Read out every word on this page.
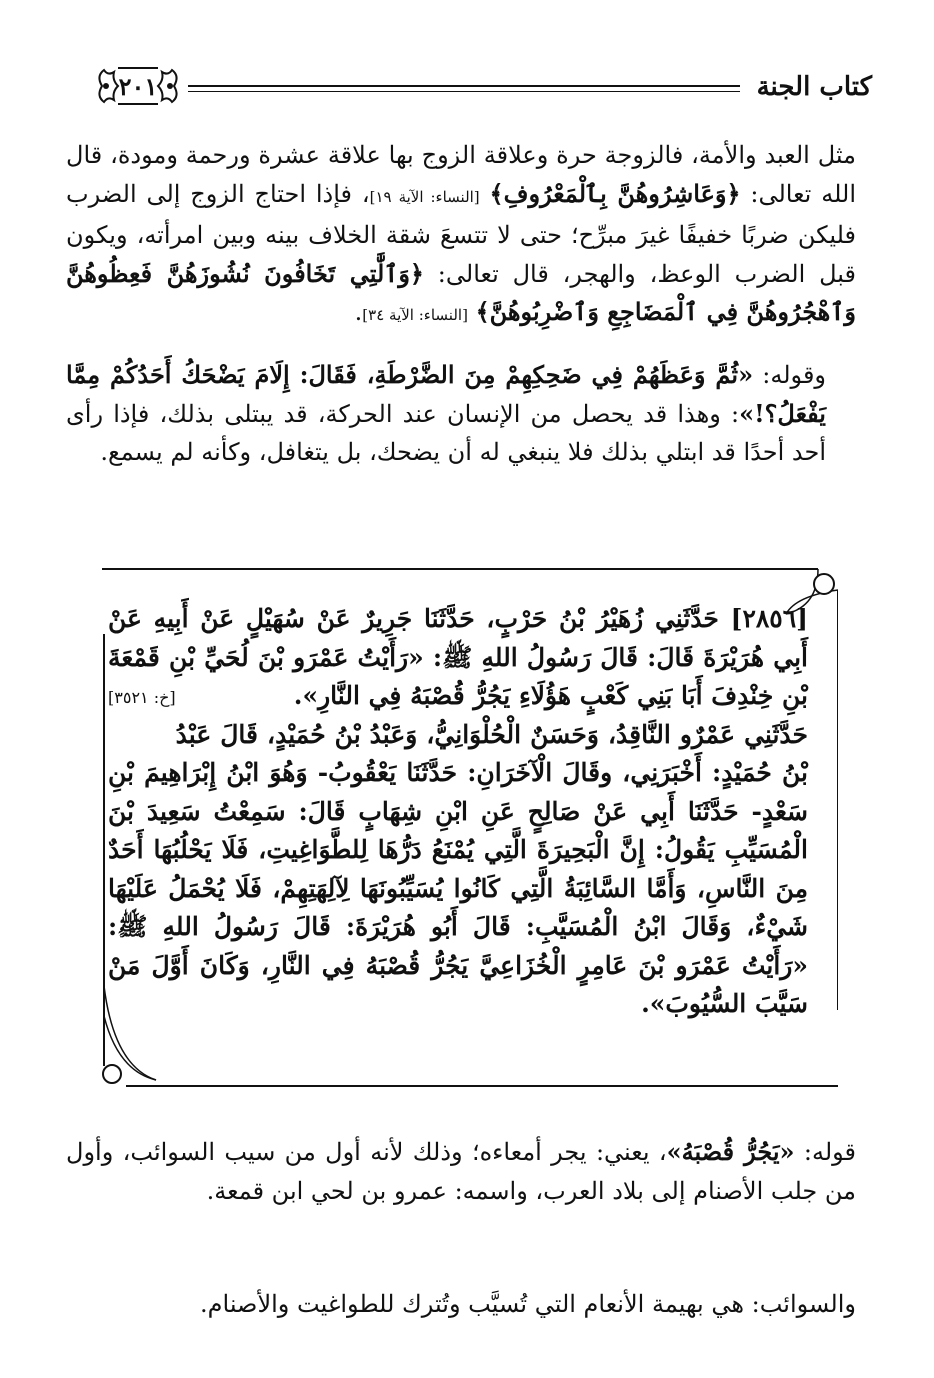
كتاب الجنة
٢٠١

مثل العبد والأمة، فالزوجة حرة وعلاقة الزوج بها علاقة عشرة ورحمة ومودة، قال الله تعالى: ﴿وَعَاشِرُوهُنَّ بِٱلْمَعْرُوفِ﴾ [النساء: الآية ١٩]، فإذا احتاج الزوج إلى الضرب فليكن ضربًا خفيفًا غيرَ مبرِّح؛ حتى لا تتسعَ شقة الخلاف بينه وبين امرأته، ويكون قبل الضرب الوعظ، والهجر، قال تعالى: ﴿وَٱلَّٰتِي تَخَافُونَ نُشُوزَهُنَّ فَعِظُوهُنَّ وَٱهْجُرُوهُنَّ فِي ٱلْمَضَاجِعِ وَٱضْرِبُوهُنَّ﴾ [النساء: الآية ٣٤].

وقوله: «ثُمَّ وَعَظَهُمْ فِي ضَحِكِهِمْ مِنَ الضَّرْطَةِ، فَقَالَ: إِلَامَ يَضْحَكُ أَحَدُكُمْ مِمَّا يَفْعَلُ؟!»: وهذا قد يحصل من الإنسان عند الحركة، قد يبتلى بذلك، فإذا رأى أحد أحدًا قد ابتلي بذلك فلا ينبغي له أن يضحك، بل يتغافل، وكأنه لم يسمع.

[٢٨٥٦] حَدَّثَنِي زُهَيْرُ بْنُ حَرْبٍ، حَدَّثَنَا جَرِيرٌ عَنْ سُهَيْلٍ عَنْ أَبِيهِ عَنْ أَبِي هُرَيْرَةَ قَالَ: قَالَ رَسُولُ اللهِ ﷺ: «رَأَيْتُ عَمْرَو بْنَ لُحَيِّ بْنِ قَمْعَةَ بْنِ خِنْدِفَ أَبَا بَنِي كَعْبٍ هَؤُلَاءِ يَجُرُّ قُصْبَهُ فِي النَّارِ».
[خ: ٣٥٢١]

حَدَّثَنِي عَمْرٌو النَّاقِدُ، وَحَسَنٌ الْحُلْوَانِيُّ، وَعَبْدُ بْنُ حُمَيْدٍ، قَالَ عَبْدُ بْنُ حُمَيْدٍ: أَخْبَرَنِي، وقَالَ الْآخَرَانِ: حَدَّثَنَا يَعْقُوبُ- وَهُوَ ابْنُ إِبْرَاهِيمَ بْنِ سَعْدٍ- حَدَّثَنَا أَبِي عَنْ صَالِحٍ عَنِ ابْنِ شِهَابٍ قَالَ: سَمِعْتُ سَعِيدَ بْنَ الْمُسَيِّبِ يَقُولُ: إِنَّ الْبَحِيرَةَ الَّتِي يُمْنَعُ دَرُّهَا لِلطَّوَاغِيتِ، فَلَا يَحْلُبُهَا أَحَدٌ مِنَ النَّاسِ، وَأَمَّا السَّائِبَةُ الَّتِي كَانُوا يُسَيِّبُونَهَا لِآلِهَتِهِمْ، فَلَا يُحْمَلُ عَلَيْهَا شَيْءٌ، وَقَالَ ابْنُ الْمُسَيَّبِ: قَالَ أَبُو هُرَيْرَةَ: قَالَ رَسُولُ اللهِ ﷺ: «رَأَيْتُ عَمْرَو بْنَ عَامِرٍ الْخُزَاعِيَّ يَجُرُّ قُصْبَهُ فِي النَّارِ، وَكَانَ أَوَّلَ مَنْ سَيَّبَ السُّيُوبَ».

قوله: «يَجُرُّ قُصْبَهُ»، يعني: يجر أمعاءه؛ وذلك لأنه أول من سيب السوائب، وأول من جلب الأصنام إلى بلاد العرب، واسمه: عمرو بن لحي ابن قمعة.

والسوائب: هي بهيمة الأنعام التي تُسيَّب وتُترك للطواغيت والأصنام.
